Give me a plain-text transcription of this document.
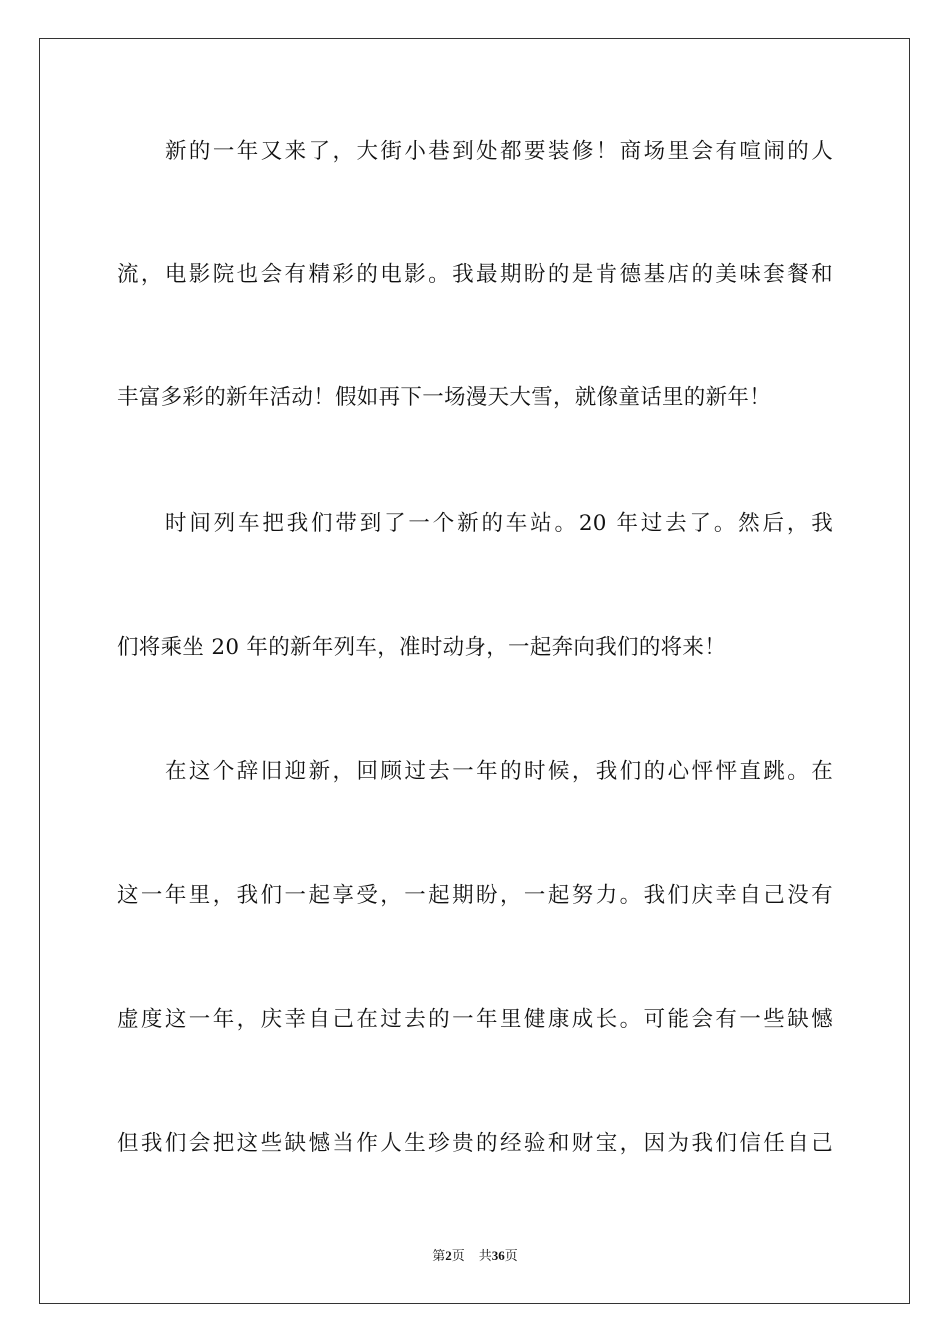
新的一年又来了，大街小巷到处都要装修！商场里会有喧闹的人
流，电影院也会有精彩的电影。我最期盼的是肯德基店的美味套餐和
丰富多彩的新年活动！假如再下一场漫天大雪，就像童话里的新年！
时间列车把我们带到了一个新的车站。20 年过去了。然后，我
们将乘坐 20 年的新年列车，准时动身，一起奔向我们的将来！
在这个辞旧迎新，回顾过去一年的时候，我们的心怦怦直跳。在
这一年里，我们一起享受，一起期盼，一起努力。我们庆幸自己没有
虚度这一年，庆幸自己在过去的一年里健康成长。可能会有一些缺憾
但我们会把这些缺憾当作人生珍贵的经验和财宝，因为我们信任自己
第2页 共36页
